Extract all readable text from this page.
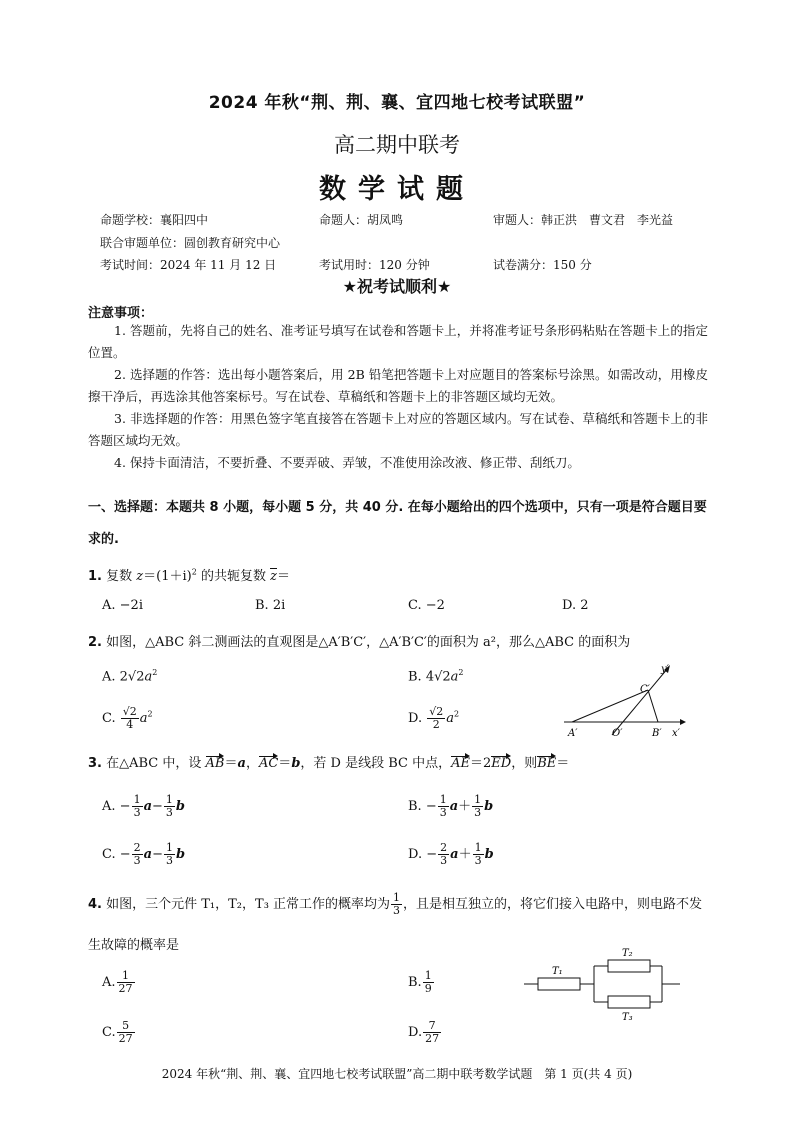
2024 年秋“荆、荆、襄、宜四地七校考试联盟”
高二期中联考
数学试题
命题学校：襄阳四中	命题人：胡凤鸣	审题人：韩正洪　曹文君　李光益
联合审题单位：圆创教育研究中心
考试时间：2024 年 11 月 12 日	考试用时：120 分钟	试卷满分：150 分
★祝考试顺利★
注意事项：
1. 答题前，先将自己的姓名、准考证号填写在试卷和答题卡上，并将准考证号条形码粘贴在答题卡上的指定位置。
2. 选择题的作答：选出每小题答案后，用 2B 铅笔把答题卡上对应题目的答案标号涂黑。如需改动，用橡皮擦干净后，再选涂其他答案标号。写在试卷、草稿纸和答题卡上的非答题区域均无效。
3. 非选择题的作答：用黑色签字笔直接答在答题卡上对应的答题区域内。写在试卷、草稿纸和答题卡上的非答题区域均无效。
4. 保持卡面清洁，不要折叠、不要弄破、弄皱，不准使用涂改液、修正带、刮纸刀。
一、选择题：本题共 8 小题，每小题 5 分，共 40 分. 在每小题给出的四个选项中，只有一项是符合题目要求的.
1. 复数 $z=(1+i)^2$ 的共轭复数 z＝
A. −2i	B. 2i	C. −2	D. 2
2. 如图，△ABC 斜二测画法的直观图是△A′B′C′，△A′B′C′的面积为 a²，那么△ABC 的面积为
A. $2√2a^2$	B. $4√2a^2$
C. $\frac{√2}{4} a^2$	D. $\frac{√2}{2} a^2$
y′
C′
A′	O′	B′ x′
3. 在△ABC 中，设 AB＝a，AC＝b，若 D 是线段 BC 中点，AE＝2ED，则BE＝
A. − $\frac{1}{3} a- \frac{1}{3}$ b	B. − $\frac{1}{3} a+ \frac{1}{3}$ b
C. − $\frac{2}{3} a- \frac{1}{3}$ b	D. − $\frac{2}{3} a+ \frac{1}{3}$ b
4. 如图，三个元件 T₁，T₂，T₃ 正常工作的概率均为 $\frac{1}{3}$ ，且是相互独立的，将它们接入电路中，则电路不发
生故障的概率是
A. $\frac{1}{27}$	B. $\frac{1}{9}$
C. $\frac{5}{27}$	D. $\frac{7}{27}$
T₁
T₂
T₃
2024 年秋“荆、荆、襄、宜四地七校考试联盟”高二期中联考数学试题　第 1 页(共 4 页)
